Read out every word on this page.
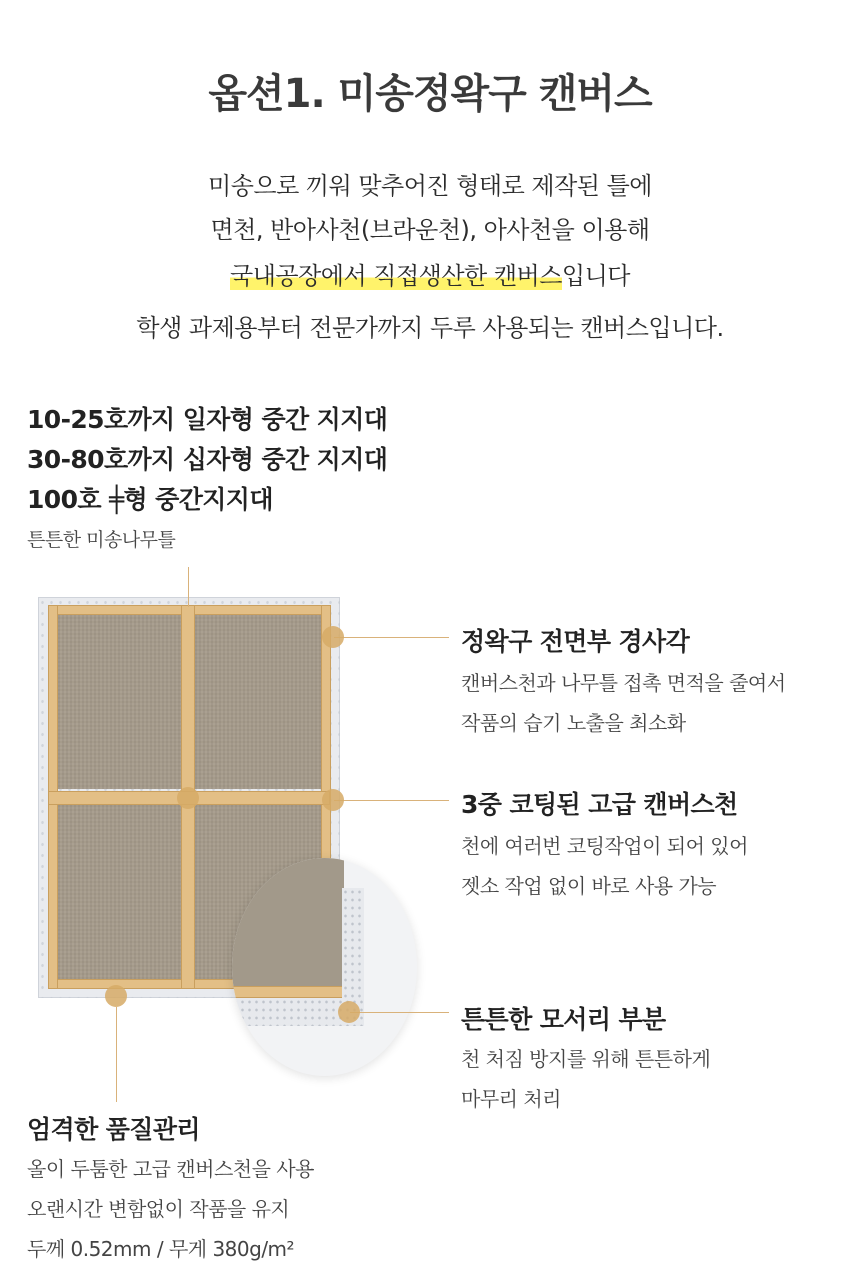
옵션1. 미송정왁구 캔버스
미송으로 끼워 맞추어진 형태로 제작된 틀에
면천, 반아사천(브라운천), 아사천을 이용해
국내공장에서 직접생산한 캔버스입니다
학생 과제용부터 전문가까지 두루 사용되는 캔버스입니다.
10-25호까지 일자형 중간 지지대
30-80호까지 십자형 중간 지지대
100호 ╪형 중간지지대
튼튼한 미송나무틀
정왁구 전면부 경사각
캔버스천과 나무틀 접촉 면적을 줄여서
작품의 습기 노출을 최소화
3중 코팅된 고급 캔버스천
천에 여러번 코팅작업이 되어 있어
젯소 작업 없이 바로 사용 가능
튼튼한 모서리 부분
천 처짐 방지를 위해 튼튼하게
마무리 처리
엄격한 품질관리
올이 두툼한 고급 캔버스천을 사용
오랜시간 변함없이 작품을 유지
두께 0.52mm / 무게 380g/m²
